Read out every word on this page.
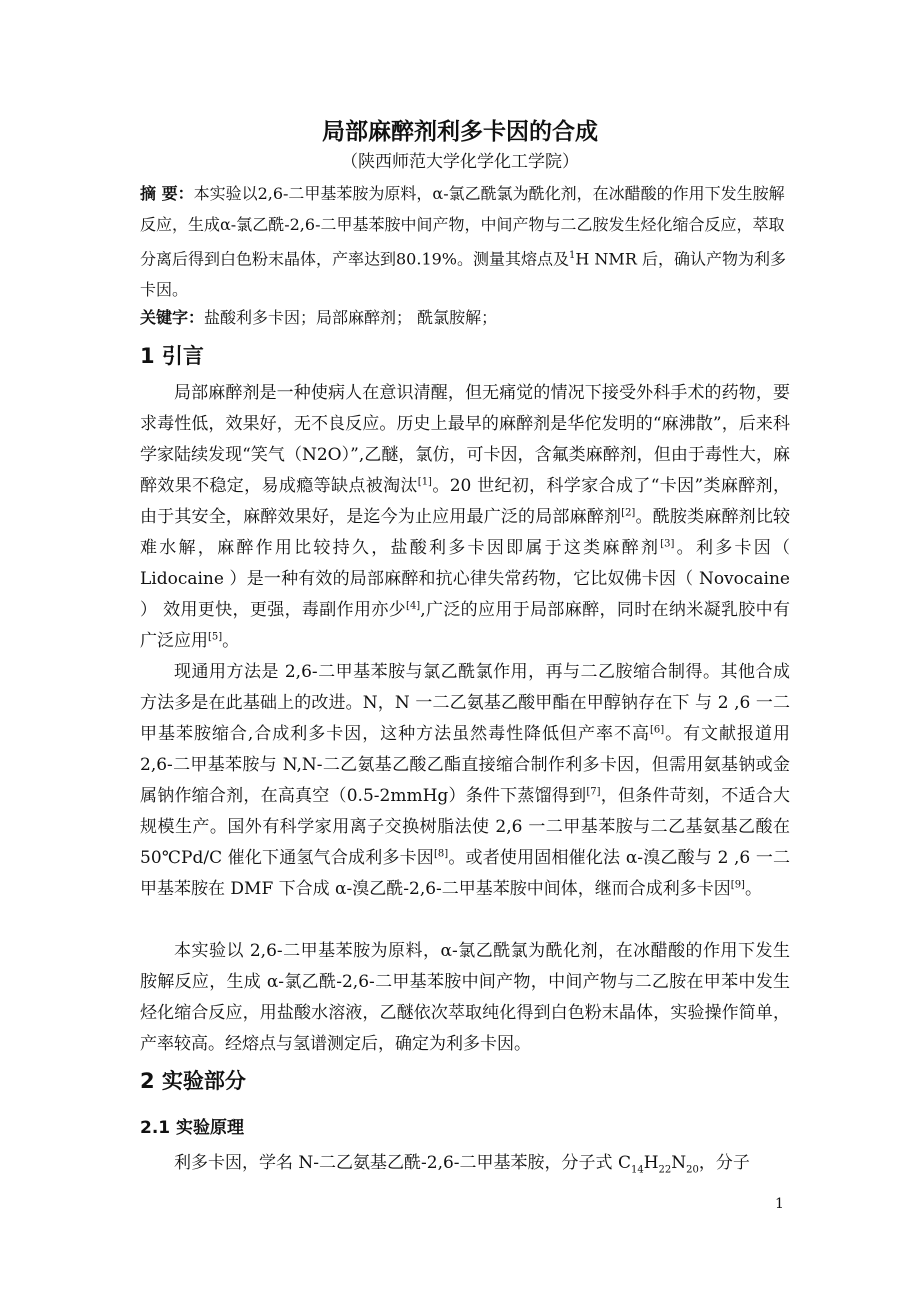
局部麻醉剂利多卡因的合成
（陕西师范大学化学化工学院）
摘 要：本实验以2,6-二甲基苯胺为原料，α-氯乙酰氯为酰化剂，在冰醋酸的作用下发生胺解反应，生成α-氯乙酰-2,6-二甲基苯胺中间产物，中间产物与二乙胺发生烃化缩合反应，萃取分离后得到白色粉末晶体，产率达到80.19%。测量其熔点及$^1$H NMR 后，确认产物为利多卡因。
关键字：盐酸利多卡因；局部麻醉剂； 酰氯胺解；
1 引言
局部麻醉剂是一种使病人在意识清醒，但无痛觉的情况下接受外科手术的药物，要求毒性低，效果好，无不良反应。历史上最早的麻醉剂是华佗发明的“麻沸散”，后来科学家陆续发现“笑气（N2O）”,乙醚，氯仿，可卡因，含氟类麻醉剂，但由于毒性大，麻醉效果不稳定，易成瘾等缺点被淘汰[1]。20 世纪初，科学家合成了“卡因”类麻醉剂，由于其安全，麻醉效果好，是迄今为止应用最广泛的局部麻醉剂[2]。酰胺类麻醉剂比较难水解，麻醉作用比较持久，盐酸利多卡因即属于这类麻醉剂[3]。利多卡因（ Lidocaine ）是一种有效的局部麻醉和抗心律失常药物，它比奴佛卡因（ Novocaine ） 效用更快，更强，毒副作用亦少[4],广泛的应用于局部麻醉，同时在纳米凝乳胶中有广泛应用[5]。
现通用方法是 2,6-二甲基苯胺与氯乙酰氯作用，再与二乙胺缩合制得。其他合成方法多是在此基础上的改进。N，N 一二乙氨基乙酸甲酯在甲醇钠存在下 与 2 ,6 一二甲基苯胺缩合,合成利多卡因，这种方法虽然毒性降低但产率不高[6]。有文献报道用 2,6-二甲基苯胺与 N,N-二乙氨基乙酸乙酯直接缩合制作利多卡因，但需用氨基钠或金属钠作缩合剂，在高真空（0.5-2mmHg）条件下蒸馏得到[7]，但条件苛刻，不适合大规模生产。国外有科学家用离子交换树脂法使 2,6 一二甲基苯胺与二乙基氨基乙酸在 50℃Pd/C 催化下通氢气合成利多卡因[8]。或者使用固相催化法 α-溴乙酸与 2 ,6 一二甲基苯胺在 DMF 下合成 α-溴乙酰-2,6-二甲基苯胺中间体，继而合成利多卡因[9]。
本实验以 2,6-二甲基苯胺为原料，α-氯乙酰氯为酰化剂，在冰醋酸的作用下发生胺解反应，生成 α-氯乙酰-2,6-二甲基苯胺中间产物，中间产物与二乙胺在甲苯中发生烃化缩合反应，用盐酸水溶液，乙醚依次萃取纯化得到白色粉末晶体，实验操作简单，产率较高。经熔点与氢谱测定后，确定为利多卡因。
2 实验部分
2.1 实验原理
利多卡因，学名 N-二乙氨基乙酰-2,6-二甲基苯胺，分子式 $C_{14}H_{22}N_{20}$，分子
1
